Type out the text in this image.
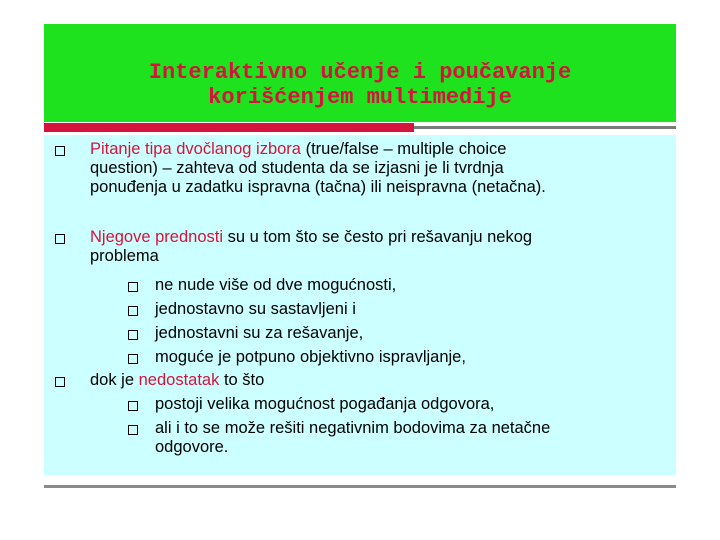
Interaktivno učenje i poučavanje
korišćenjem multimedije
Pitanje tipa dvočlanog izbora (true/false – multiple choice
question) – zahteva od studenta da se izjasni je li tvrdnja
ponuđenja u zadatku ispravna (tačna) ili neispravna (netačna).
Njegove prednosti su u tom što se često pri rešavanju nekog
problema
ne nude više od dve mogućnosti,
jednostavno su sastavljeni i
jednostavni su za rešavanje,
moguće je potpuno objektivno ispravljanje,
dok je nedostatak to što
postoji velika mogućnost pogađanja odgovora,
ali i to se može rešiti negativnim bodovima za netačne
odgovore.
